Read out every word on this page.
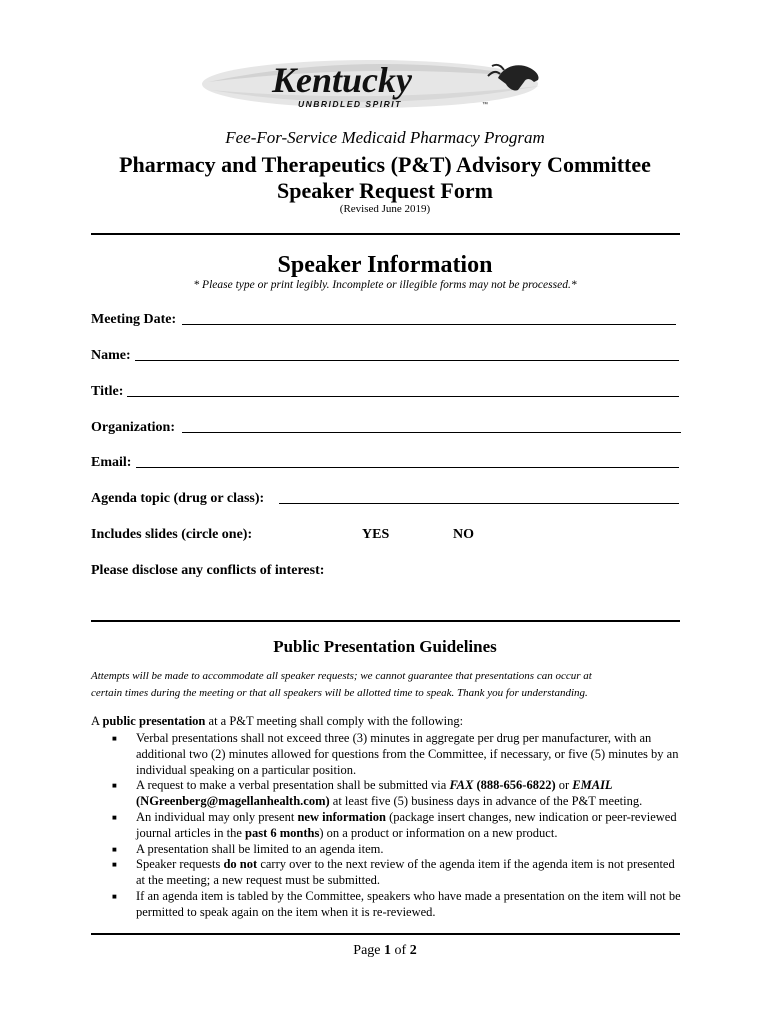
Kentucky
UNBRIDLED SPIRIT	™
Fee-For-Service Medicaid Pharmacy Program
Pharmacy and Therapeutics (P&T) Advisory Committee
Speaker Request Form
(Revised June 2019)
Speaker Information
* Please type or print legibly. Incomplete or illegible forms may not be processed.*
Meeting Date:
Name:
Title:
Organization:
Email:
Agenda topic (drug or class):
Includes slides (circle one):	YES	NO
Please disclose any conflicts of interest:
Public Presentation Guidelines
Attempts will be made to accommodate all speaker requests; we cannot guarantee that presentations can occur at
certain times during the meeting or that all speakers will be allotted time to speak. Thank you for understanding.
A public presentation at a P&T meeting shall comply with the following:
■ Verbal presentations shall not exceed three (3) minutes in aggregate per drug per manufacturer, with an additional two (2) minutes allowed for questions from the Committee, if necessary, or five (5) minutes by an individual speaking on a particular position.
■ A request to make a verbal presentation shall be submitted via FAX (888-656-6822) or EMAIL
(NGreenberg@magellanhealth.com) at least five (5) business days in advance of the P&T meeting.
■ An individual may only present new information (package insert changes, new indication or peer-reviewed journal articles in the past 6 months) on a product or information on a new product.
■ A presentation shall be limited to an agenda item.
■ Speaker requests do not carry over to the next review of the agenda item if the agenda item is not presented at the meeting; a new request must be submitted.
■ If an agenda item is tabled by the Committee, speakers who have made a presentation on the item will not be permitted to speak again on the item when it is re-reviewed.
Page 1 of 2
